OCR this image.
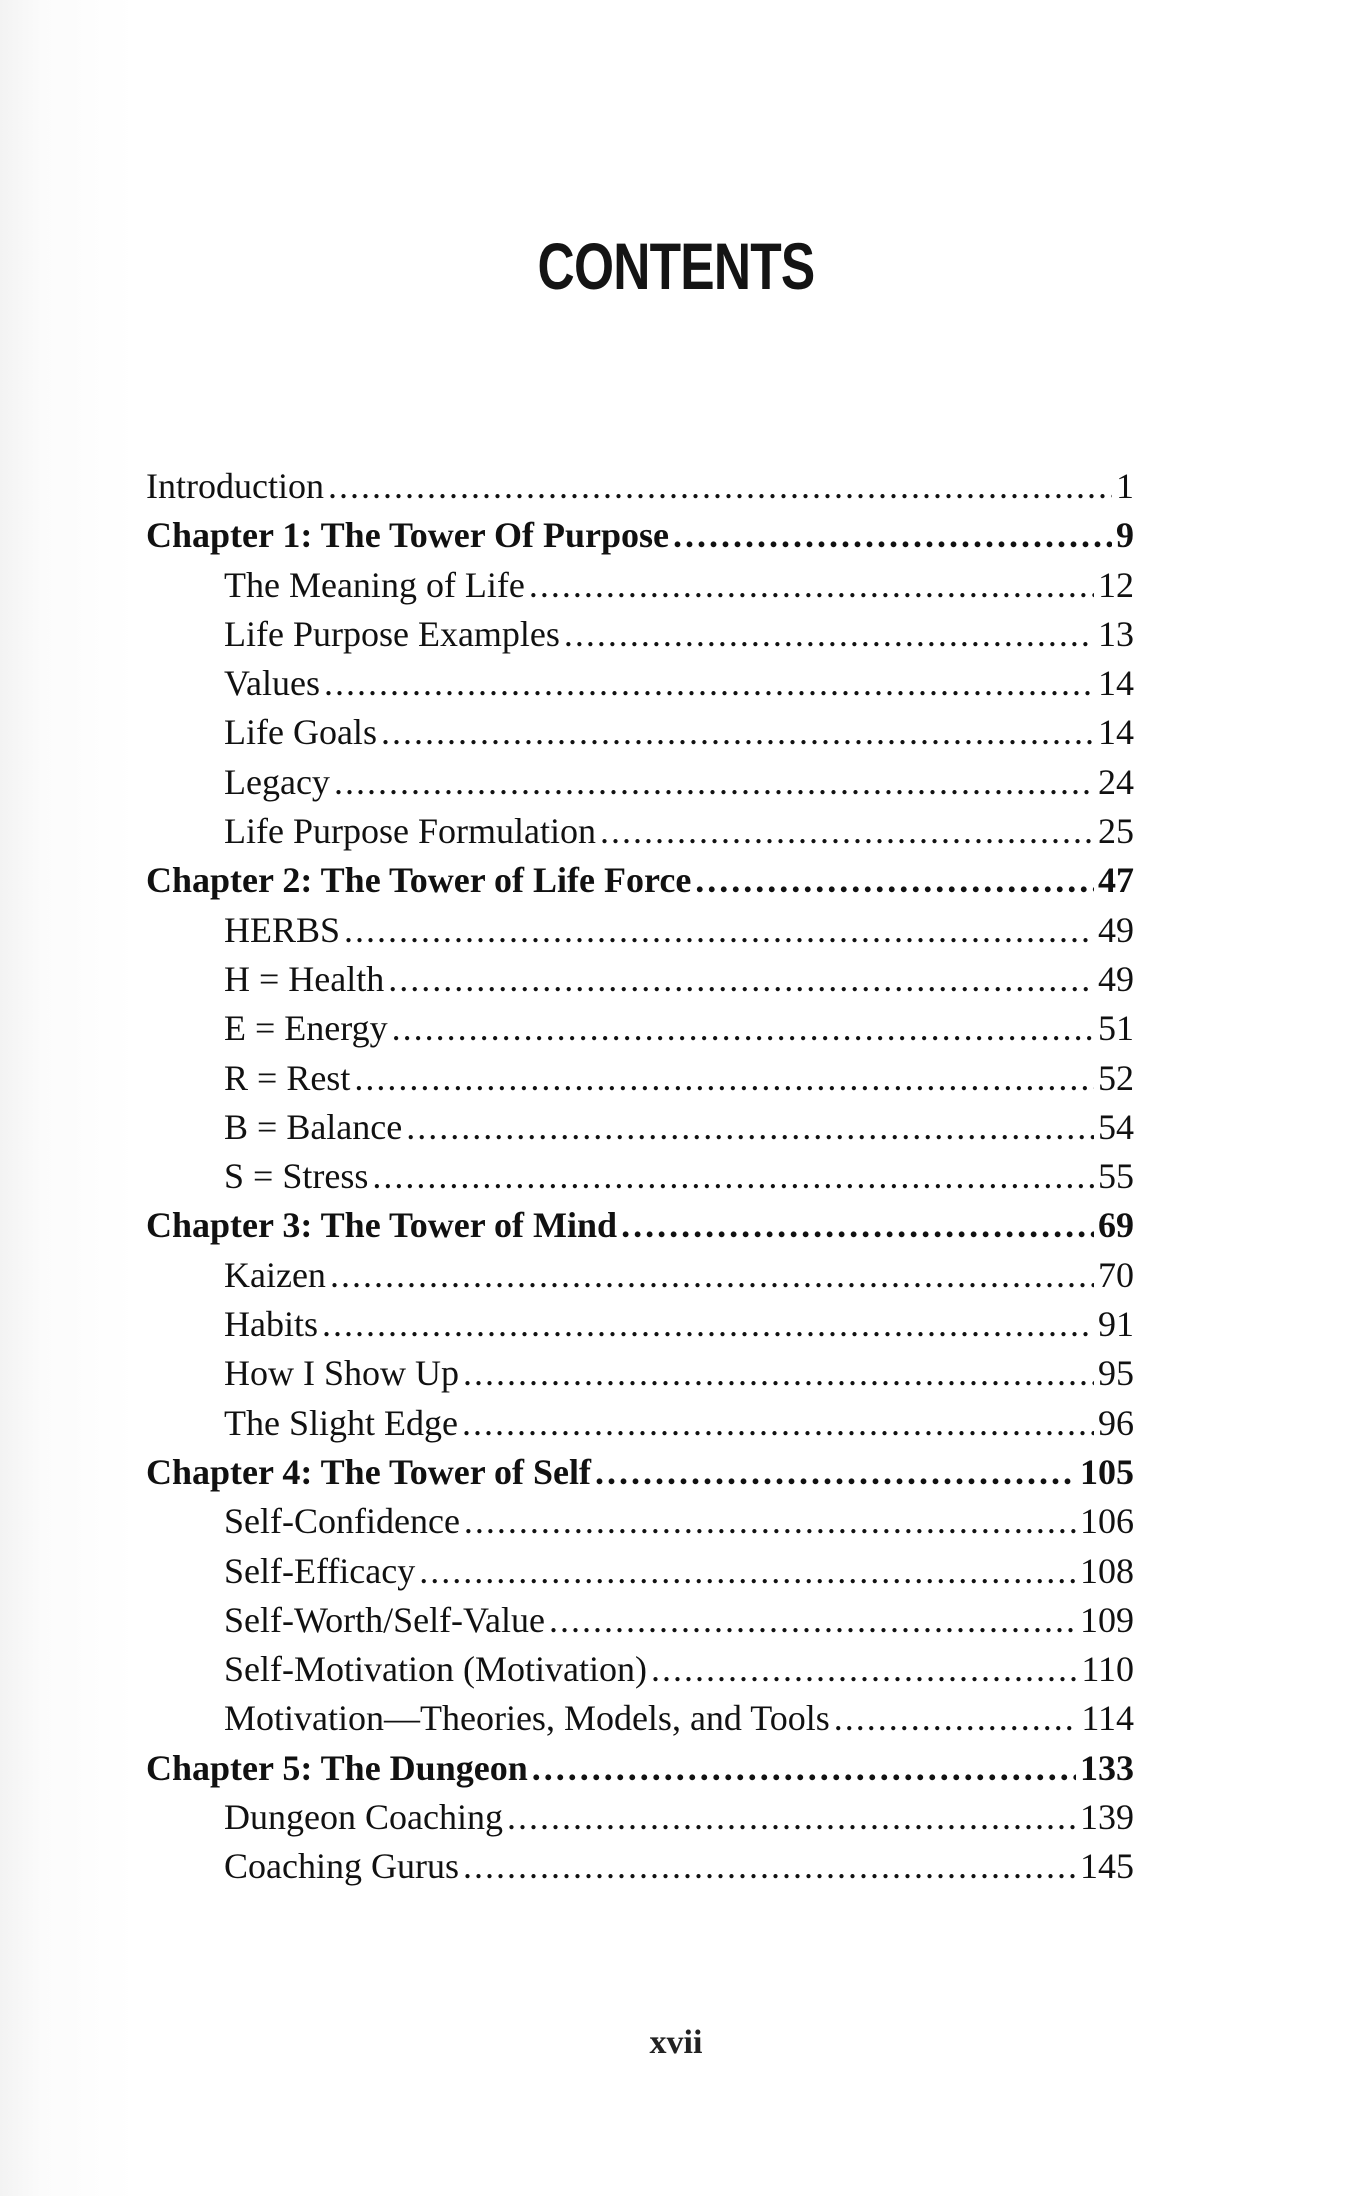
CONTENTS
Introduction .....	1
Chapter 1: The Tower Of Purpose .....	9
The Meaning of Life .....	12
Life Purpose Examples .....	13
Values .....	14
Life Goals .....	14
Legacy .....	24
Life Purpose Formulation .....	25
Chapter 2: The Tower of Life Force .....	47
HERBS .....	49
H = Health .....	49
E = Energy .....	51
R = Rest .....	52
B = Balance .....	54
S = Stress .....	55
Chapter 3: The Tower of Mind .....	69
Kaizen .....	70
Habits .....	91
How I Show Up .....	95
The Slight Edge .....	96
Chapter 4: The Tower of Self .....	105
Self-Confidence .....	106
Self-Efficacy .....	108
Self-Worth/Self-Value .....	109
Self-Motivation (Motivation) .....	110
Motivation—Theories, Models, and Tools .....	114
Chapter 5: The Dungeon .....	133
Dungeon Coaching .....	139
Coaching Gurus .....	145
xvii
